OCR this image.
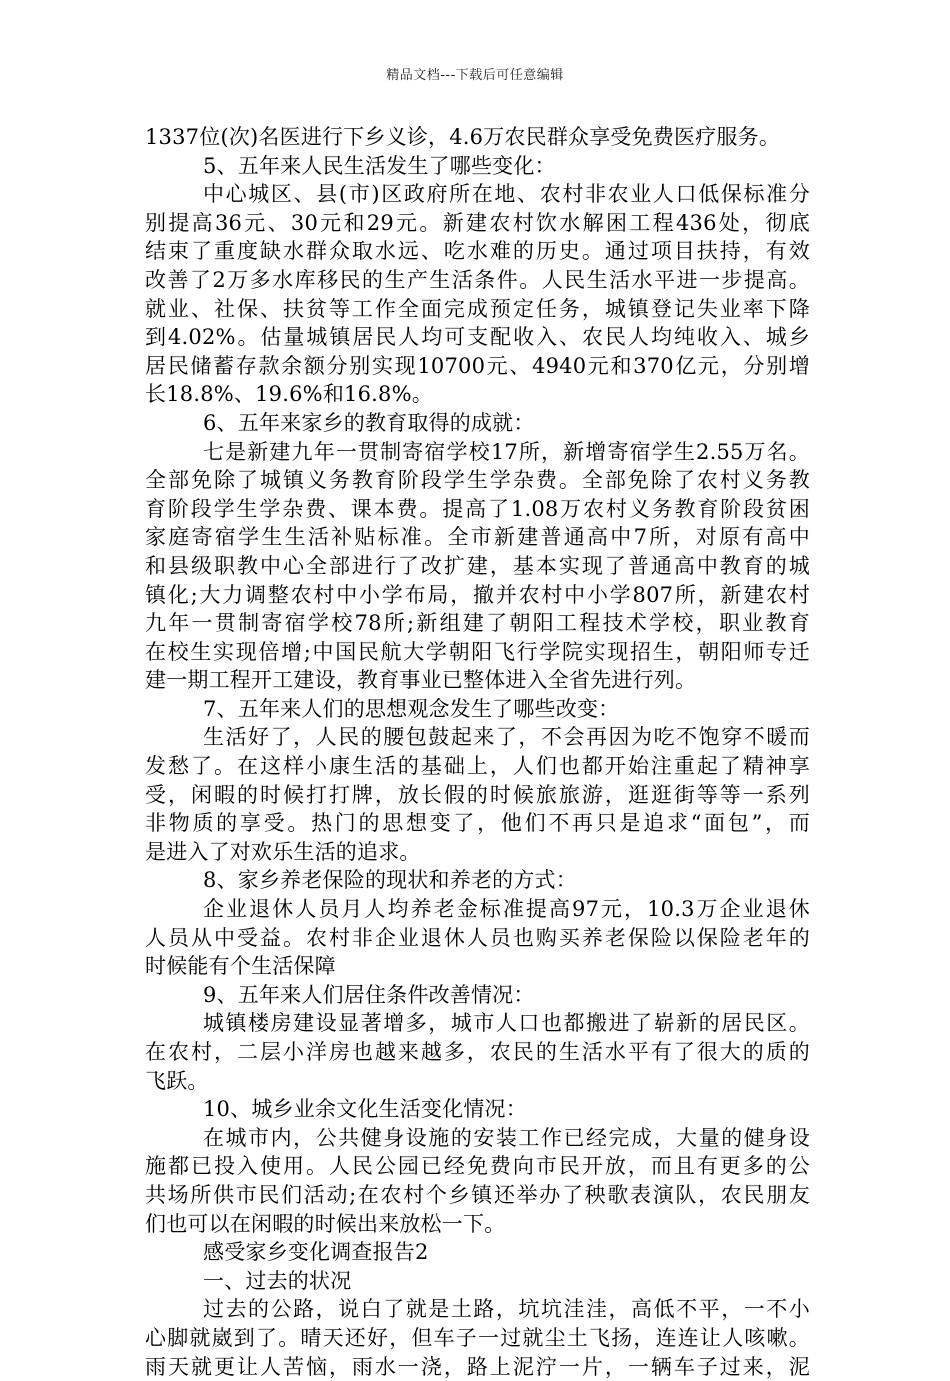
精品文档---下载后可任意编辑
1337位(次)名医进行下乡义诊，4.6万农民群众享受免费医疗服务。
5、五年来人民生活发生了哪些变化：
中心城区、县(市)区政府所在地、农村非农业人口低保标准分
别提高36元、30元和29元。新建农村饮水解困工程436处，彻底
结束了重度缺水群众取水远、吃水难的历史。通过项目扶持，有效
改善了2万多水库移民的生产生活条件。人民生活水平进一步提高。
就业、社保、扶贫等工作全面完成预定任务，城镇登记失业率下降
到4.02%。估量城镇居民人均可支配收入、农民人均纯收入、城乡
居民储蓄存款余额分别实现10700元、4940元和370亿元，分别增
长18.8%、19.6%和16.8%。
6、五年来家乡的教育取得的成就：
七是新建九年一贯制寄宿学校17所，新增寄宿学生2.55万名。
全部免除了城镇义务教育阶段学生学杂费。全部免除了农村义务教
育阶段学生学杂费、课本费。提高了1.08万农村义务教育阶段贫困
家庭寄宿学生生活补贴标准。全市新建普通高中7所，对原有高中
和县级职教中心全部进行了改扩建，基本实现了普通高中教育的城
镇化;大力调整农村中小学布局，撤并农村中小学807所，新建农村
九年一贯制寄宿学校78所;新组建了朝阳工程技术学校，职业教育
在校生实现倍增;中国民航大学朝阳飞行学院实现招生，朝阳师专迁
建一期工程开工建设，教育事业已整体进入全省先进行列。
7、五年来人们的思想观念发生了哪些改变：
生活好了，人民的腰包鼓起来了，不会再因为吃不饱穿不暖而
发愁了。在这样小康生活的基础上，人们也都开始注重起了精神享
受，闲暇的时候打打牌，放长假的时候旅旅游，逛逛街等等一系列
非物质的享受。热门的思想变了，他们不再只是追求“面包”，而
是进入了对欢乐生活的追求。
8、家乡养老保险的现状和养老的方式：
企业退休人员月人均养老金标准提高97元，10.3万企业退休
人员从中受益。农村非企业退休人员也购买养老保险以保险老年的
时候能有个生活保障
9、五年来人们居住条件改善情况：
城镇楼房建设显著增多，城市人口也都搬进了崭新的居民区。
在农村，二层小洋房也越来越多，农民的生活水平有了很大的质的
飞跃。
10、城乡业余文化生活变化情况：
在城市内，公共健身设施的安装工作已经完成，大量的健身设
施都已投入使用。人民公园已经免费向市民开放，而且有更多的公
共场所供市民们活动;在农村个乡镇还举办了秧歌表演队，农民朋友
们也可以在闲暇的时候出来放松一下。
感受家乡变化调查报告2
一、过去的状况
过去的公路，说白了就是土路，坑坑洼洼，高低不平，一不小
心脚就崴到了。晴天还好，但车子一过就尘土飞扬，连连让人咳嗽。
雨天就更让人苦恼，雨水一浇，路上泥泞一片，一辆车子过来，泥
